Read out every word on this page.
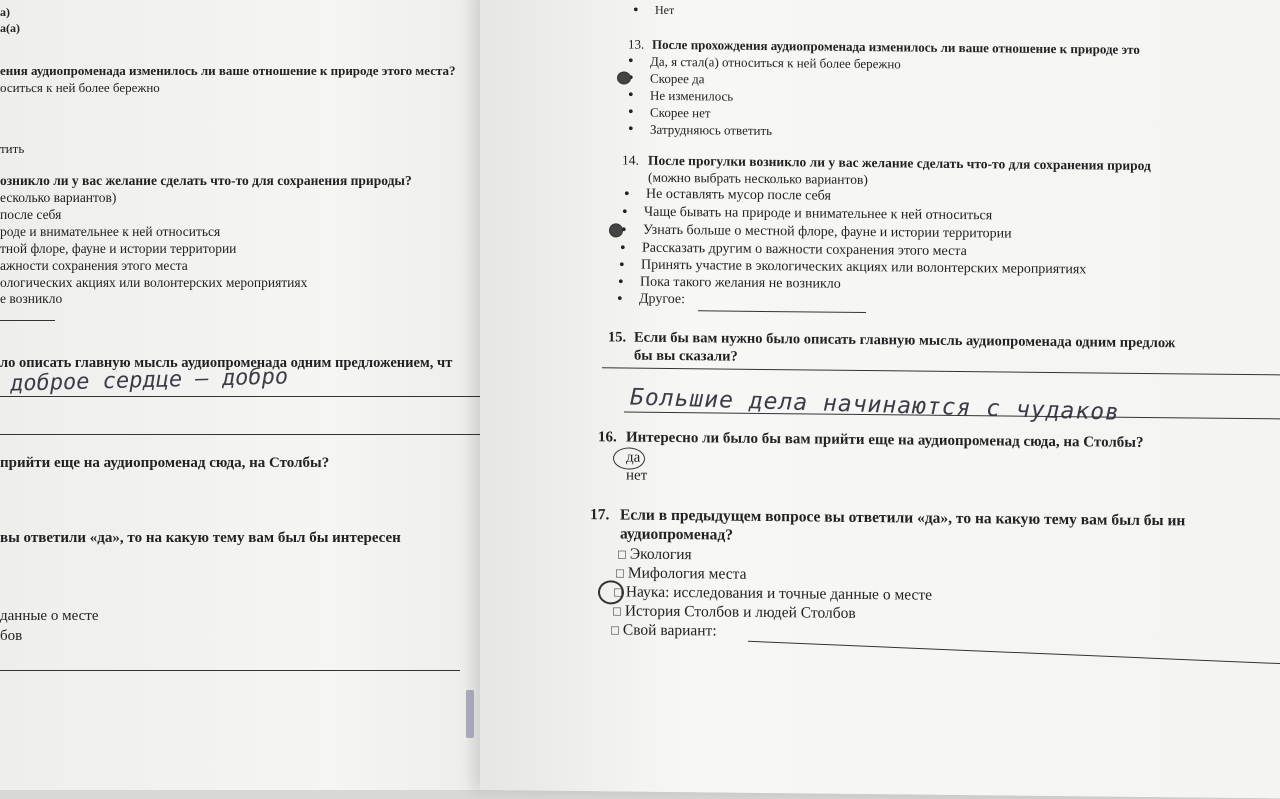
а)
а(а)
ения аудиопроменада изменилось ли ваше отношение к природе этого места?
оситься к ней более бережно
тить
озникло ли у вас желание сделать что-то для сохранения природы?
есколько вариантов)
после себя
роде и внимательнее к ней относиться
тной флоре, фауне и истории территории
ажности сохранения этого места
ологических акциях или волонтерских мероприятиях
е возникло
ло описать главную мысль аудиопроменада одним предложением, чт
доброе сердце — добро
прийти еще на аудиопроменад сюда, на Столбы?
вы ответили «да», то на какую тему вам был бы интересен
данные о месте
бов
• Нет
13. После прохождения аудиопроменада изменилось ли ваше отношение к природе это
• Да, я стал(а) относиться к ней более бережно
• Скорее да
• Не изменилось
• Скорее нет
• Затрудняюсь ответить
14. После прогулки возникло ли у вас желание сделать что-то для сохранения природ
(можно выбрать несколько вариантов)
• Не оставлять мусор после себя
• Чаще бывать на природе и внимательнее к ней относиться
• Узнать больше о местной флоре, фауне и истории территории
• Рассказать другим о важности сохранения этого места
• Принять участие в экологических акциях или волонтерских мероприятиях
• Пока такого желания не возникло
• Другое:
15. Если бы вам нужно было описать главную мысль аудиопроменада одним предлож
бы вы сказали?
Большие дела начинаются с чудаков
16. Интересно ли было бы вам прийти еще на аудиопроменад сюда, на Столбы?
да
нет
17. Если в предыдущем вопросе вы ответили «да», то на какую тему вам был бы ин
аудиопроменад?
□ Экология
□ Мифология места
□ Наука: исследования и точные данные о месте
□ История Столбов и людей Столбов
□ Свой вариант:
